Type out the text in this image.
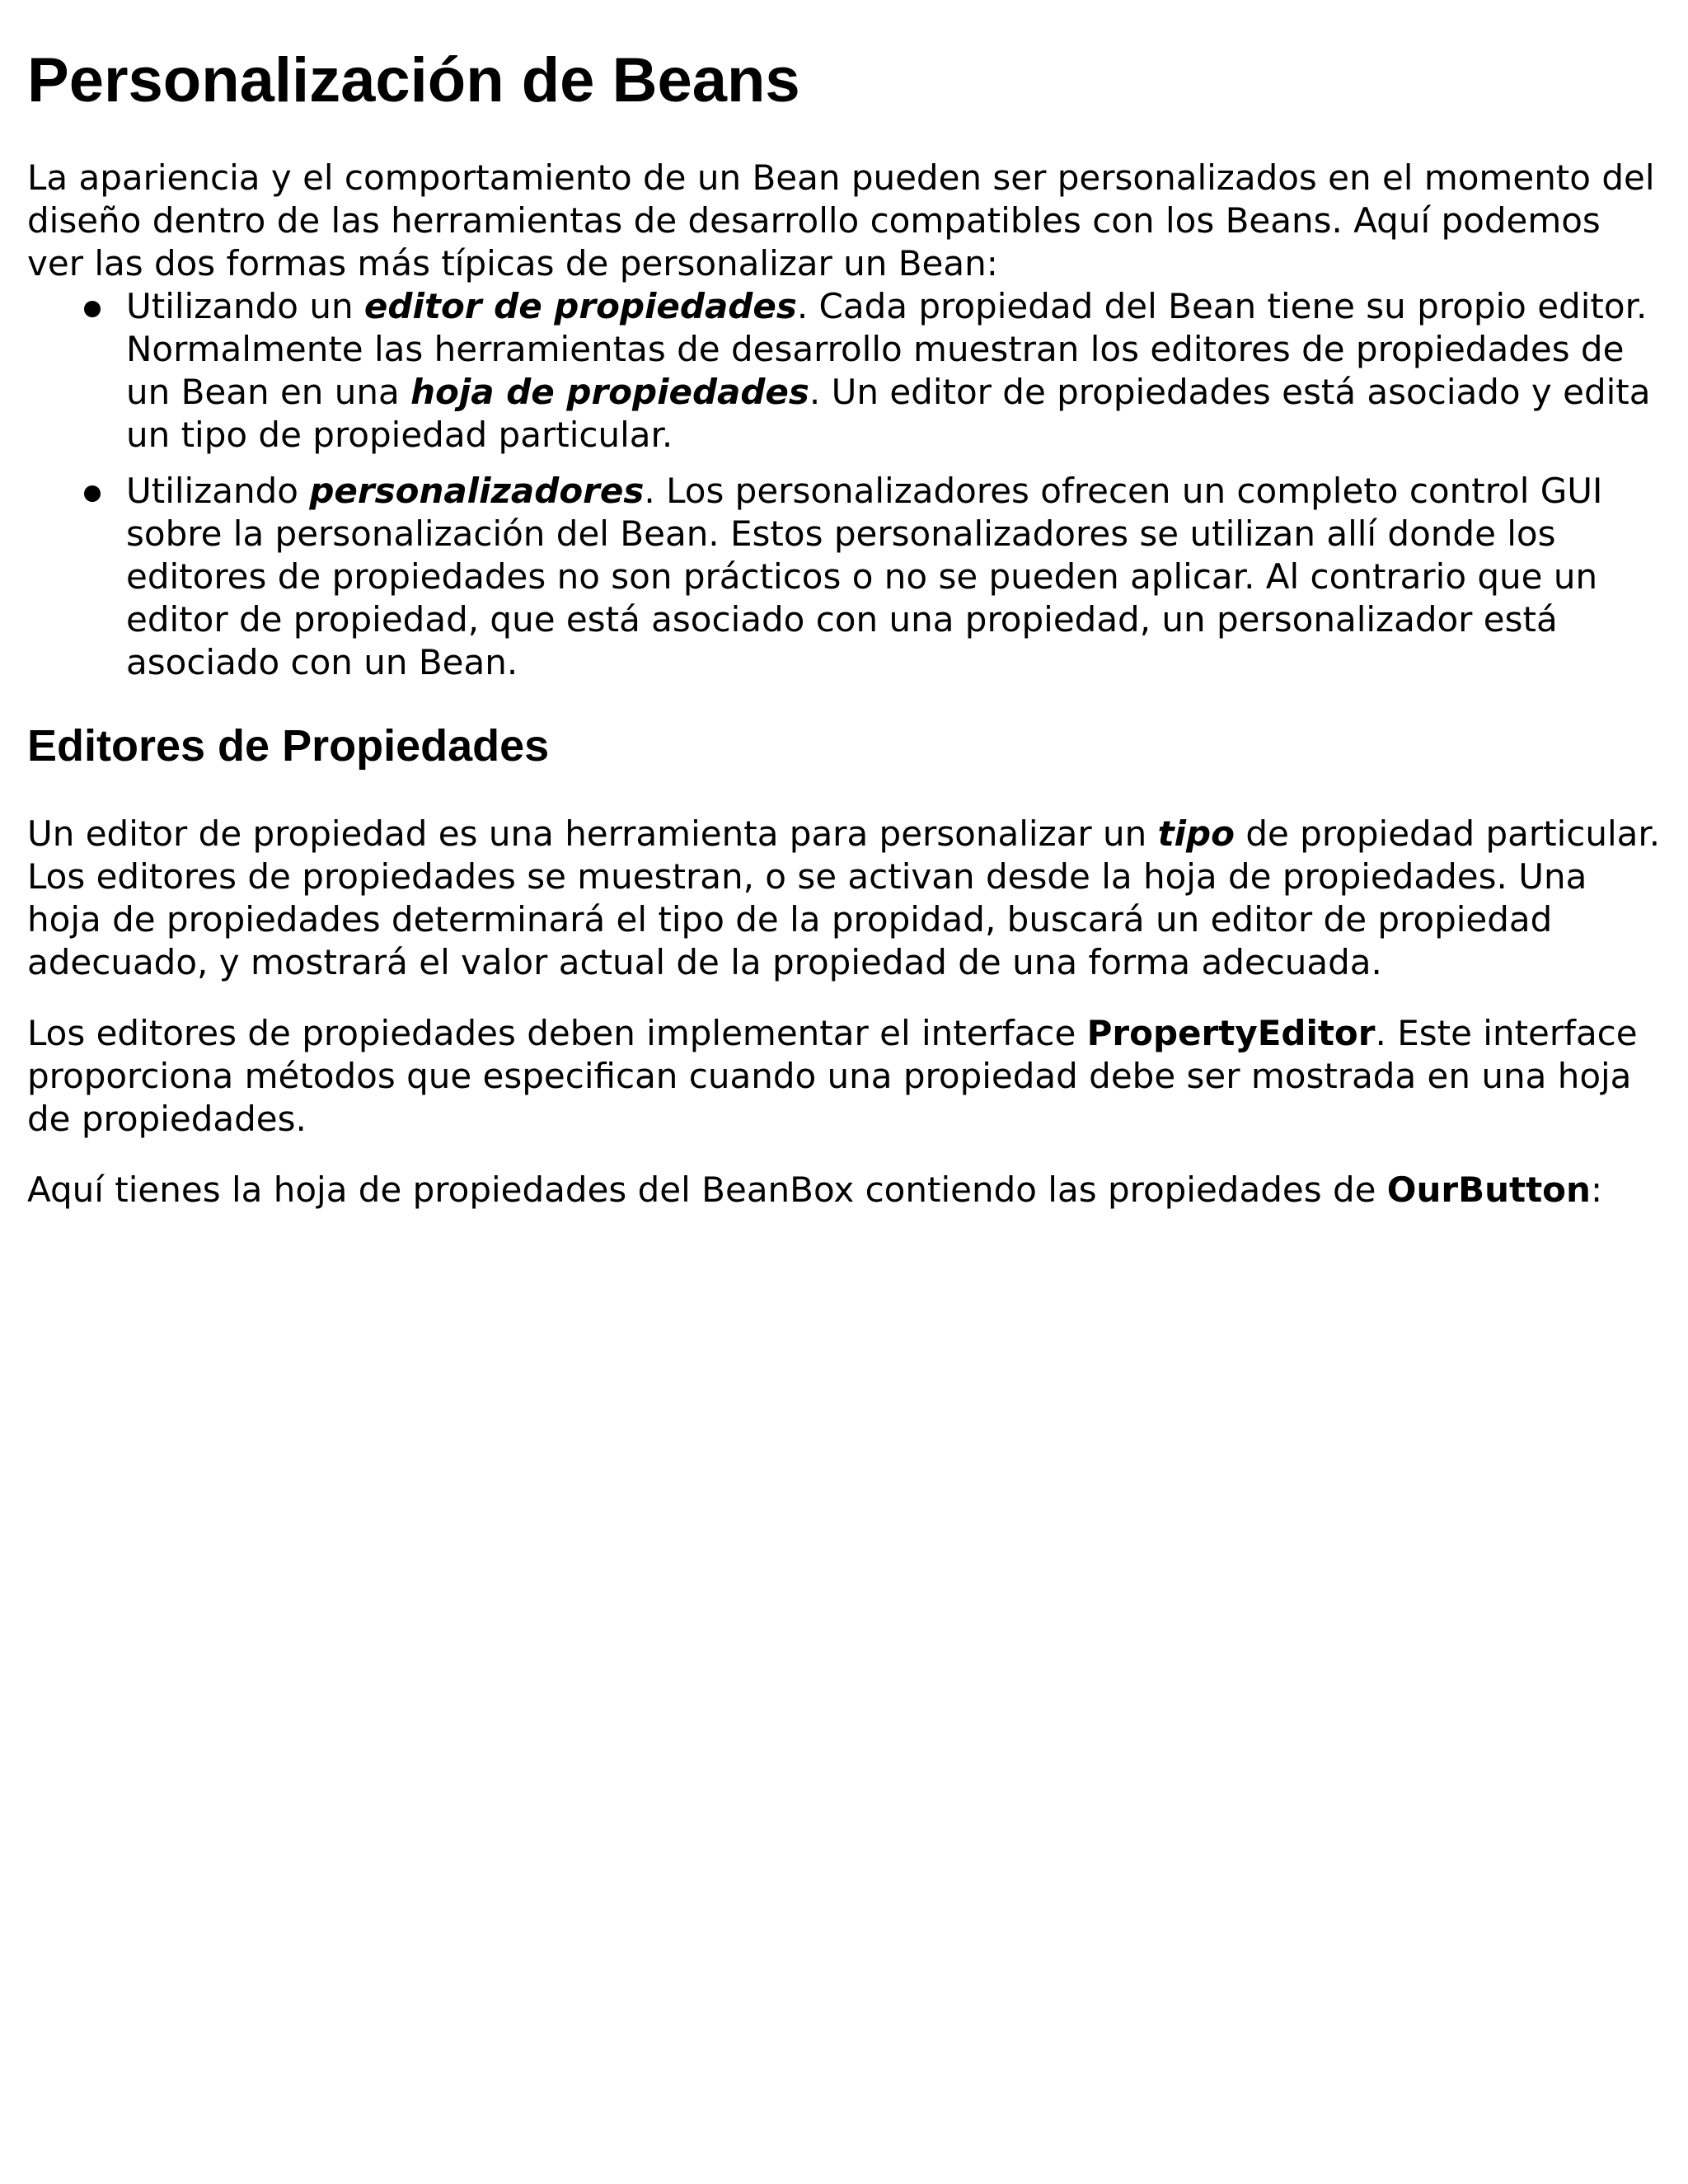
Personalización de Beans

La apariencia y el comportamiento de un Bean pueden ser personalizados en el momento del diseño dentro de las herramientas de desarrollo compatibles con los Beans. Aquí podemos ver las dos formas más típicas de personalizar un Bean:

Utilizando un editor de propiedades. Cada propiedad del Bean tiene su propio editor. Normalmente las herramientas de desarrollo muestran los editores de propiedades de un Bean en una hoja de propiedades. Un editor de propiedades está asociado y edita un tipo de propiedad particular.
Utilizando personalizadores. Los personalizadores ofrecen un completo control GUI sobre la personalización del Bean. Estos personalizadores se utilizan allí donde los editores de propiedades no son prácticos o no se pueden aplicar. Al contrario que un editor de propiedad, que está asociado con una propiedad, un personalizador está asociado con un Bean.
Editores de Propiedades

Un editor de propiedad es una herramienta para personalizar un tipo de propiedad particular. Los editores de propiedades se muestran, o se activan desde la hoja de propiedades. Una hoja de propiedades determinará el tipo de la propidad, buscará un editor de propiedad adecuado, y mostrará el valor actual de la propiedad de una forma adecuada.

Los editores de propiedades deben implementar el interface PropertyEditor. Este interface proporciona métodos que especifican cuando una propiedad debe ser mostrada en una hoja de propiedades.

Aquí tienes la hoja de propiedades del BeanBox contiendo las propiedades de OurButton:
